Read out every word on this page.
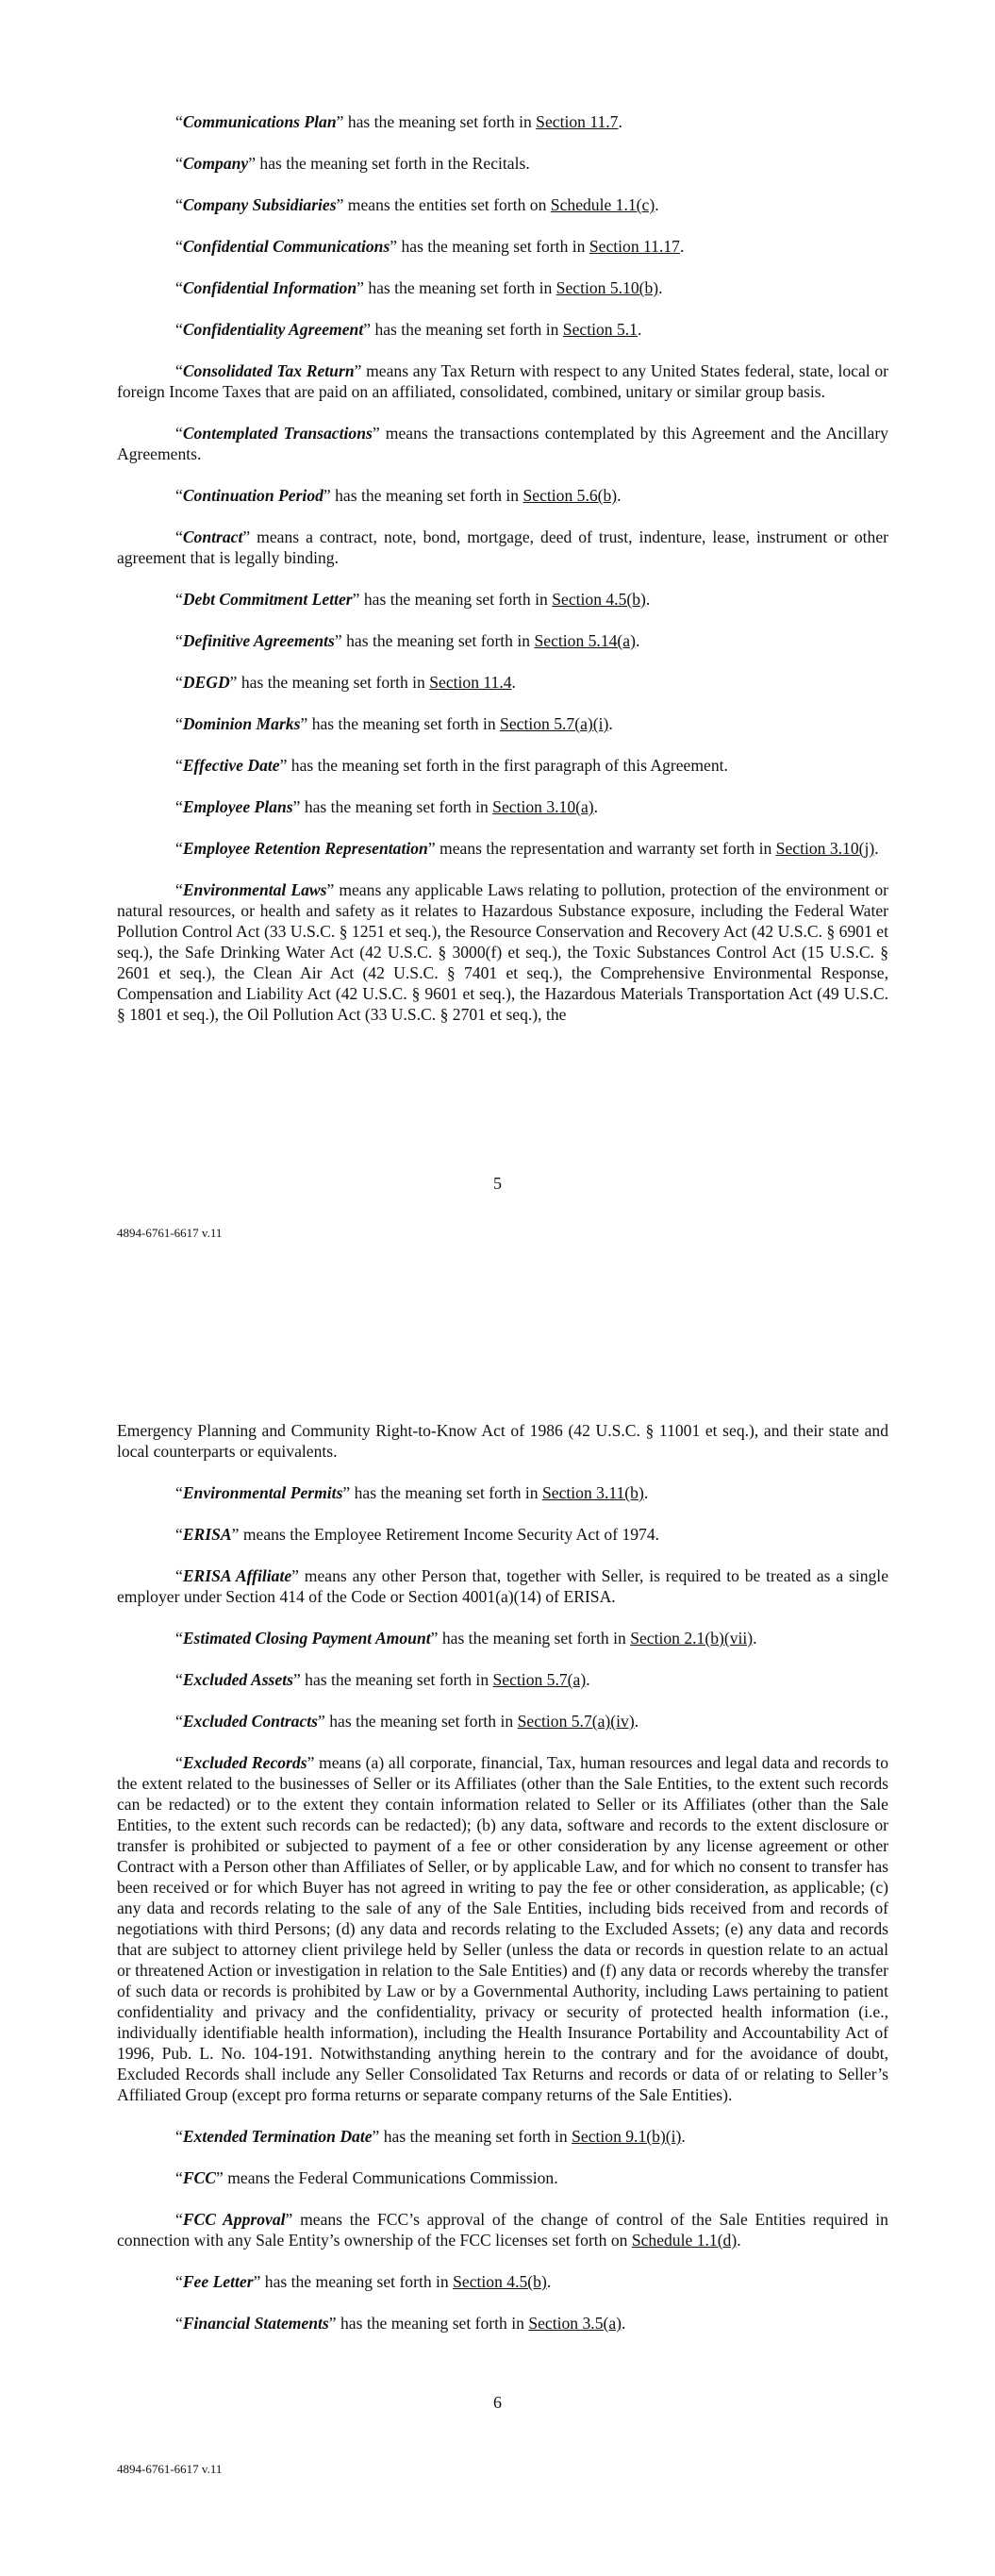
“Communications Plan” has the meaning set forth in Section 11.7.

“Company” has the meaning set forth in the Recitals.

“Company Subsidiaries” means the entities set forth on Schedule 1.1(c).

“Confidential Communications” has the meaning set forth in Section 11.17.

“Confidential Information” has the meaning set forth in Section 5.10(b).

“Confidentiality Agreement” has the meaning set forth in Section 5.1.

“Consolidated Tax Return” means any Tax Return with respect to any United States federal, state, local or foreign Income Taxes that are paid on an affiliated, consolidated, combined, unitary or similar group basis.

“Contemplated Transactions” means the transactions contemplated by this Agreement and the Ancillary Agreements.

“Continuation Period” has the meaning set forth in Section 5.6(b).

“Contract” means a contract, note, bond, mortgage, deed of trust, indenture, lease, instrument or other agreement that is legally binding.

“Debt Commitment Letter” has the meaning set forth in Section 4.5(b).

“Definitive Agreements” has the meaning set forth in Section 5.14(a).

“DEGD” has the meaning set forth in Section 11.4.

“Dominion Marks” has the meaning set forth in Section 5.7(a)(i).

“Effective Date” has the meaning set forth in the first paragraph of this Agreement.

“Employee Plans” has the meaning set forth in Section 3.10(a).

“Employee Retention Representation” means the representation and warranty set forth in Section 3.10(j).

“Environmental Laws” means any applicable Laws relating to pollution, protection of the environment or natural resources, or health and safety as it relates to Hazardous Substance exposure, including the Federal Water Pollution Control Act (33 U.S.C. § 1251 et seq.), the Resource Conservation and Recovery Act (42 U.S.C. § 6901 et seq.), the Safe Drinking Water Act (42 U.S.C. § 3000(f) et seq.), the Toxic Substances Control Act (15 U.S.C. § 2601 et seq.), the Clean Air Act (42 U.S.C. § 7401 et seq.), the Comprehensive Environmental Response, Compensation and Liability Act (42 U.S.C. § 9601 et seq.), the Hazardous Materials Transportation Act (49 U.S.C. § 1801 et seq.), the Oil Pollution Act (33 U.S.C. § 2701 et seq.), the

5
4894-6761-6617 v.11

Emergency Planning and Community Right-to-Know Act of 1986 (42 U.S.C. § 11001 et seq.), and their state and local counterparts or equivalents.

“Environmental Permits” has the meaning set forth in Section 3.11(b).

“ERISA” means the Employee Retirement Income Security Act of 1974.

“ERISA Affiliate” means any other Person that, together with Seller, is required to be treated as a single employer under Section 414 of the Code or Section 4001(a)(14) of ERISA.

“Estimated Closing Payment Amount” has the meaning set forth in Section 2.1(b)(vii).

“Excluded Assets” has the meaning set forth in Section 5.7(a).

“Excluded Contracts” has the meaning set forth in Section 5.7(a)(iv).

“Excluded Records” means (a) all corporate, financial, Tax, human resources and legal data and records to the extent related to the businesses of Seller or its Affiliates (other than the Sale Entities, to the extent such records can be redacted) or to the extent they contain information related to Seller or its Affiliates (other than the Sale Entities, to the extent such records can be redacted); (b) any data, software and records to the extent disclosure or transfer is prohibited or subjected to payment of a fee or other consideration by any license agreement or other Contract with a Person other than Affiliates of Seller, or by applicable Law, and for which no consent to transfer has been received or for which Buyer has not agreed in writing to pay the fee or other consideration, as applicable; (c) any data and records relating to the sale of any of the Sale Entities, including bids received from and records of negotiations with third Persons; (d) any data and records relating to the Excluded Assets; (e) any data and records that are subject to attorney client privilege held by Seller (unless the data or records in question relate to an actual or threatened Action or investigation in relation to the Sale Entities) and (f) any data or records whereby the transfer of such data or records is prohibited by Law or by a Governmental Authority, including Laws pertaining to patient confidentiality and privacy and the confidentiality, privacy or security of protected health information (i.e., individually identifiable health information), including the Health Insurance Portability and Accountability Act of 1996, Pub. L. No. 104-191. Notwithstanding anything herein to the contrary and for the avoidance of doubt, Excluded Records shall include any Seller Consolidated Tax Returns and records or data of or relating to Seller’s Affiliated Group (except pro forma returns or separate company returns of the Sale Entities).

“Extended Termination Date” has the meaning set forth in Section 9.1(b)(i).

“FCC” means the Federal Communications Commission.

“FCC Approval” means the FCC’s approval of the change of control of the Sale Entities required in connection with any Sale Entity’s ownership of the FCC licenses set forth on Schedule 1.1(d).

“Fee Letter” has the meaning set forth in Section 4.5(b).

“Financial Statements” has the meaning set forth in Section 3.5(a).

6
4894-6761-6617 v.11
